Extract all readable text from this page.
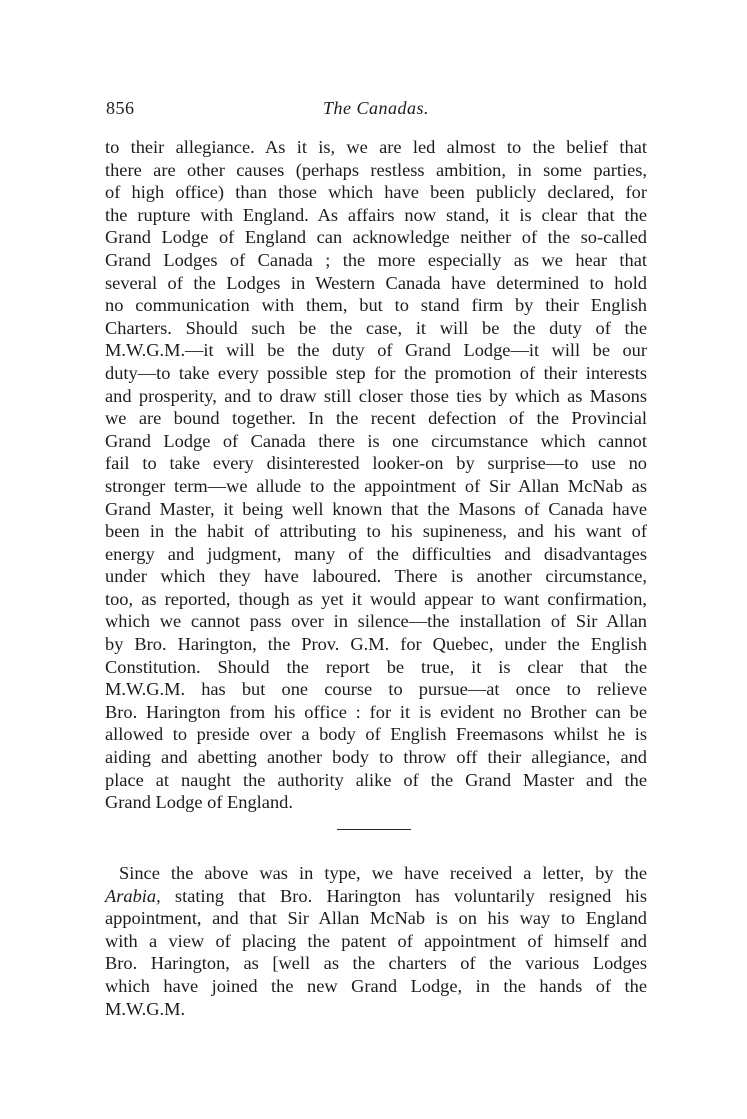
856	The Canadas.
to their allegiance. As it is, we are led almost to the belief that
there are other causes (perhaps restless ambition, in some parties,
of high office) than those which have been publicly declared, for
the rupture with England. As affairs now stand, it is clear that the
Grand Lodge of England can acknowledge neither of the so-called
Grand Lodges of Canada ; the more especially as we hear that
several of the Lodges in Western Canada have determined to hold
no communication with them, but to stand firm by their English
Charters. Should such be the case, it will be the duty of the
M.W.G.M.—it will be the duty of Grand Lodge—it will be our
duty—to take every possible step for the promotion of their interests
and prosperity, and to draw still closer those ties by which as Masons
we are bound together. In the recent defection of the Provincial
Grand Lodge of Canada there is one circumstance which cannot
fail to take every disinterested looker-on by surprise—to use no
stronger term—we allude to the appointment of Sir Allan McNab as
Grand Master, it being well known that the Masons of Canada have
been in the habit of attributing to his supineness, and his want of
energy and judgment, many of the difficulties and disadvantages
under which they have laboured. There is another circumstance,
too, as reported, though as yet it would appear to want confirmation,
which we cannot pass over in silence—the installation of Sir Allan
by Bro. Harington, the Prov. G.M. for Quebec, under the English
Constitution. Should the report be true, it is clear that the
M.W.G.M. has but one course to pursue—at once to relieve
Bro. Harington from his office : for it is evident no Brother can be
allowed to preside over a body of English Freemasons whilst he is
aiding and abetting another body to throw off their allegiance, and
place at naught the authority alike of the Grand Master and the
Grand Lodge of England.
Since the above was in type, we have received a letter, by the
Arabia, stating that Bro. Harington has voluntarily resigned his
appointment, and that Sir Allan McNab is on his way to England
with a view of placing the patent of appointment of himself and
Bro. Harington, as [well as the charters of the various Lodges
which have joined the new Grand Lodge, in the hands of the
M.W.G.M.
